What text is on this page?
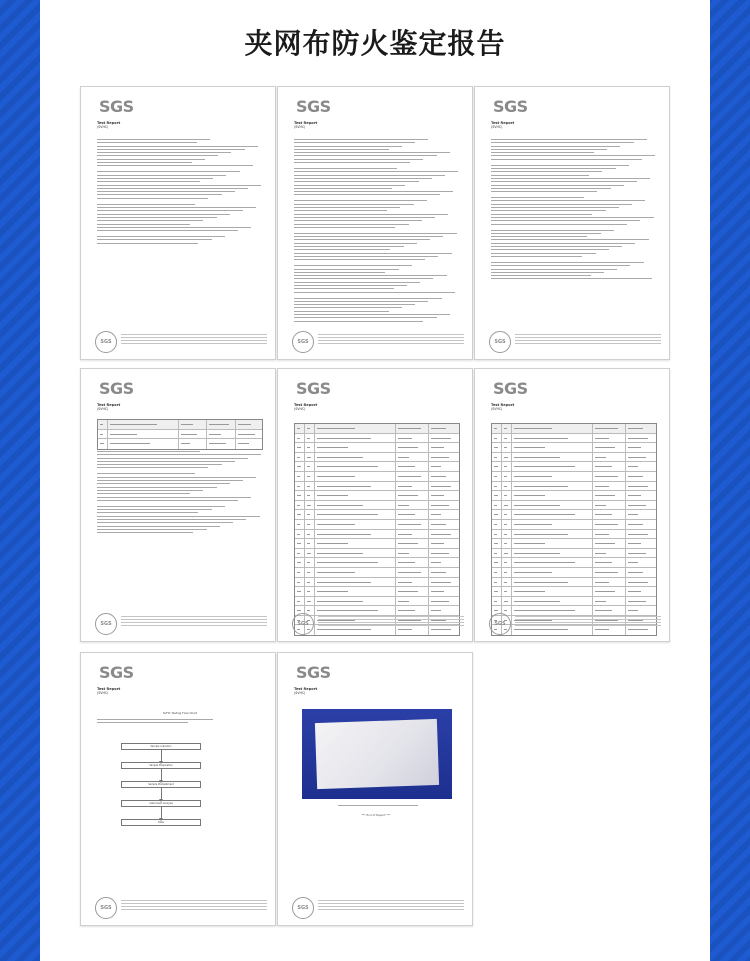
夹网布防火鉴定报告
SGS
Test Report
(SVHC)
SGS
SGS
Test Report
(SVHC)
SGS
SGS
Test Report
(SVHC)
SGS
SGS
Test Report
(SVHC)
SGS
SGS
Test Report
(SVHC)
SGS
SGS
Test Report
(SVHC)
SGS
SGS
Test Report
(SVHC)
SVHC Testing Flow Chart
Sample collection
Sample Preparation
Sample Pretreatment
Instrument Analysis
Data
SGS
SGS
Test Report
(SVHC)
*** End of Report ***
SGS
